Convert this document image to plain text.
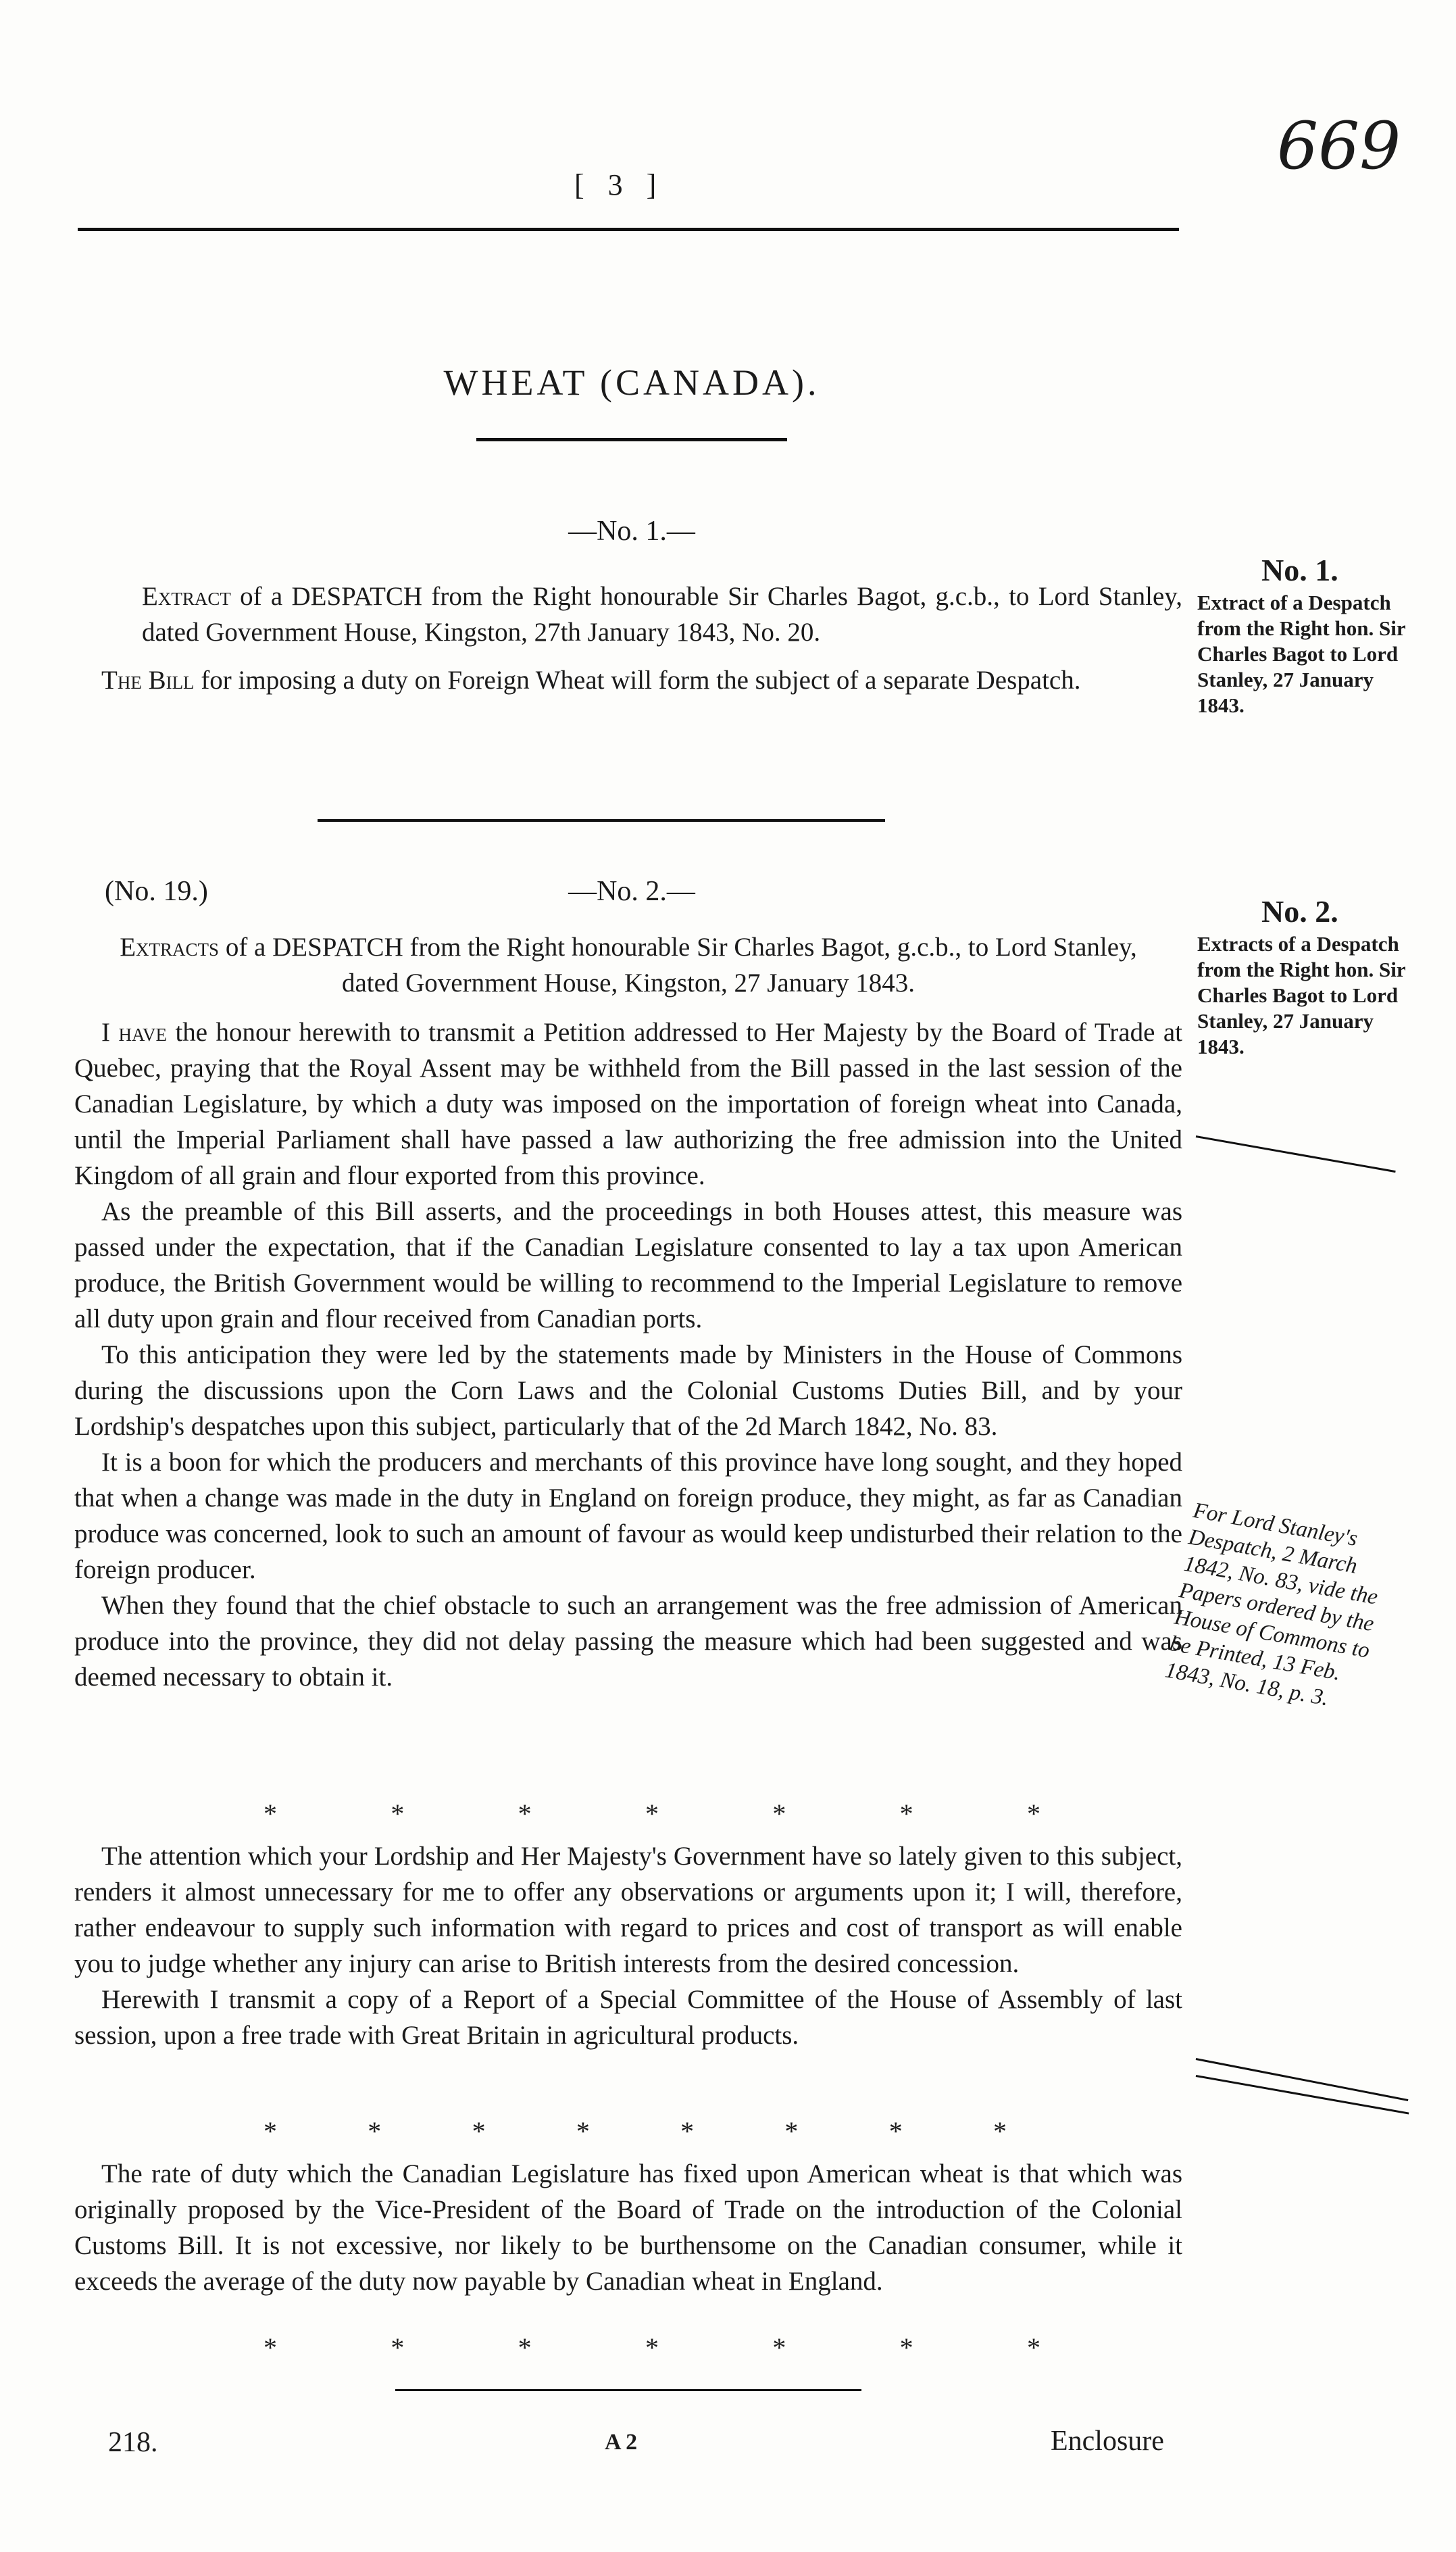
[ 3 ]
669
WHEAT (CANADA).
—No. 1.—

Extract of a DESPATCH from the Right honourable Sir Charles Bagot, g.c.b., to Lord Stanley, dated Government House, Kingston, 27th January 1843, No. 20.

The Bill for imposing a duty on Foreign Wheat will form the subject of a separate Despatch.

No. 1.
Extract of a Despatch from the Right hon. Sir Charles Bagot to Lord Stanley, 27 January 1843.
(No. 19.)	—No. 2.—
No. 2.
Extracts of a Despatch from the Right hon. Sir Charles Bagot to Lord Stanley, 27 January 1843.
For Lord Stanley's Despatch, 2 March 1842, No. 83, vide the Papers ordered by the House of Commons to be Printed, 13 Feb. 1843, No. 18, p. 3.

Extracts of a DESPATCH from the Right honourable Sir Charles Bagot, g.c.b., to Lord Stanley, dated Government House, Kingston, 27 January 1843.

I have the honour herewith to transmit a Petition addressed to Her Majesty by the Board of Trade at Quebec, praying that the Royal Assent may be withheld from the Bill passed in the last session of the Canadian Legislature, by which a duty was imposed on the importation of foreign wheat into Canada, until the Imperial Parliament shall have passed a law authorizing the free admission into the United Kingdom of all grain and flour exported from this province.

As the preamble of this Bill asserts, and the proceedings in both Houses attest, this measure was passed under the expectation, that if the Canadian Legislature consented to lay a tax upon American produce, the British Government would be willing to recommend to the Imperial Legislature to remove all duty upon grain and flour received from Canadian ports.

To this anticipation they were led by the statements made by Ministers in the House of Commons during the discussions upon the Corn Laws and the Colonial Customs Duties Bill, and by your Lordship's despatches upon this subject, particularly that of the 2d March 1842, No. 83.

It is a boon for which the producers and merchants of this province have long sought, and they hoped that when a change was made in the duty in England on foreign produce, they might, as far as Canadian produce was concerned, look to such an amount of favour as would keep undisturbed their relation to the foreign producer.

When they found that the chief obstacle to such an arrangement was the free admission of American produce into the province, they did not delay passing the measure which had been suggested and was deemed necessary to obtain it.

*	*	*	*	*	*	*

The attention which your Lordship and Her Majesty's Government have so lately given to this subject, renders it almost unnecessary for me to offer any observations or arguments upon it; I will, therefore, rather endeavour to supply such information with regard to prices and cost of transport as will enable you to judge whether any injury can arise to British interests from the desired concession.

Herewith I transmit a copy of a Report of a Special Committee of the House of Assembly of last session, upon a free trade with Great Britain in agricultural products.

*	*	*	*	*	*	*	*

The rate of duty which the Canadian Legislature has fixed upon American wheat is that which was originally proposed by the Vice-President of the Board of Trade on the introduction of the Colonial Customs Bill. It is not excessive, nor likely to be burthensome on the Canadian consumer, while it exceeds the average of the duty now payable by Canadian wheat in England.

*	*	*	*	*	*	*
218.	A 2	Enclosure
